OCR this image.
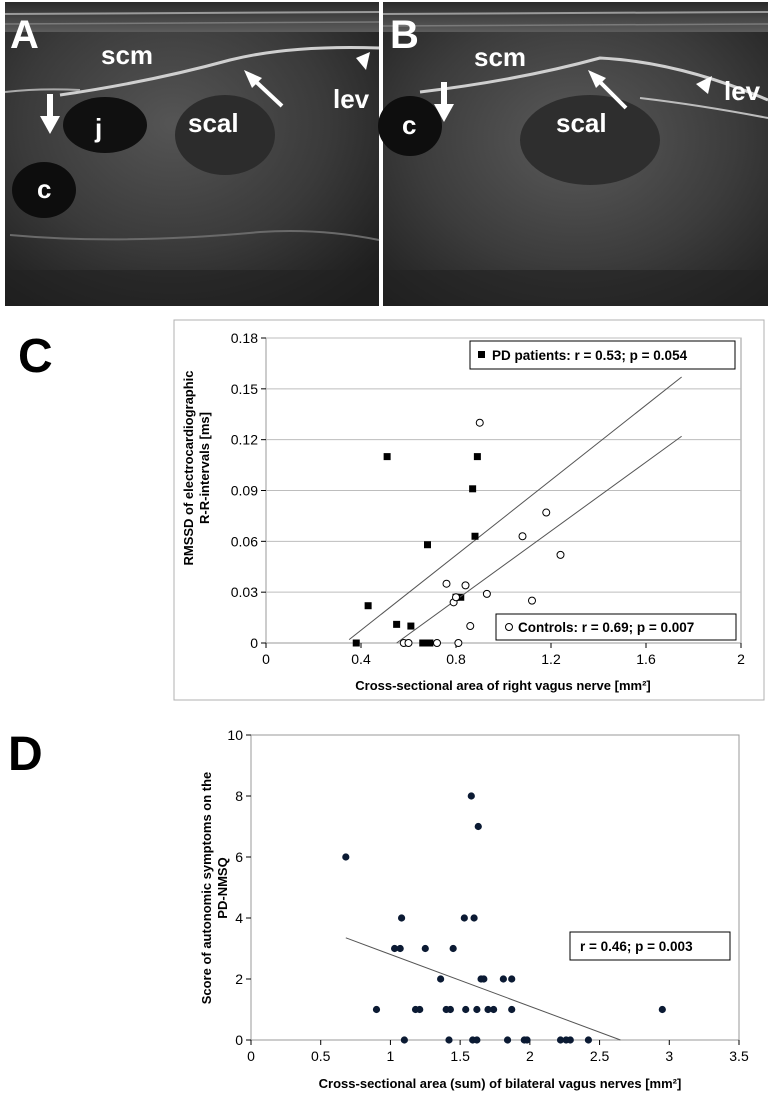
A scm
j	scal
lev
c
B scm
scal
lev
c
C
0
0.03
0.06
0.09
0.12
0.15
0.18
0	0.4	0.8	1.2	1.6	2
RMSSD of electrocardiographic R-R-intervals [ms]
Cross-sectional area of right vagus nerve [mm²]
PD patients: r = 0.53; p = 0.054
Controls: r = 0.69; p = 0.007
D
0
2
4
6
8
10
0	0.5	1	1.5	2	2.5	3	3.5
Score of autonomic symptoms on the PD-NMSQ
Cross-sectional area (sum) of bilateral vagus nerves [mm²]
r = 0.46; p = 0.003
